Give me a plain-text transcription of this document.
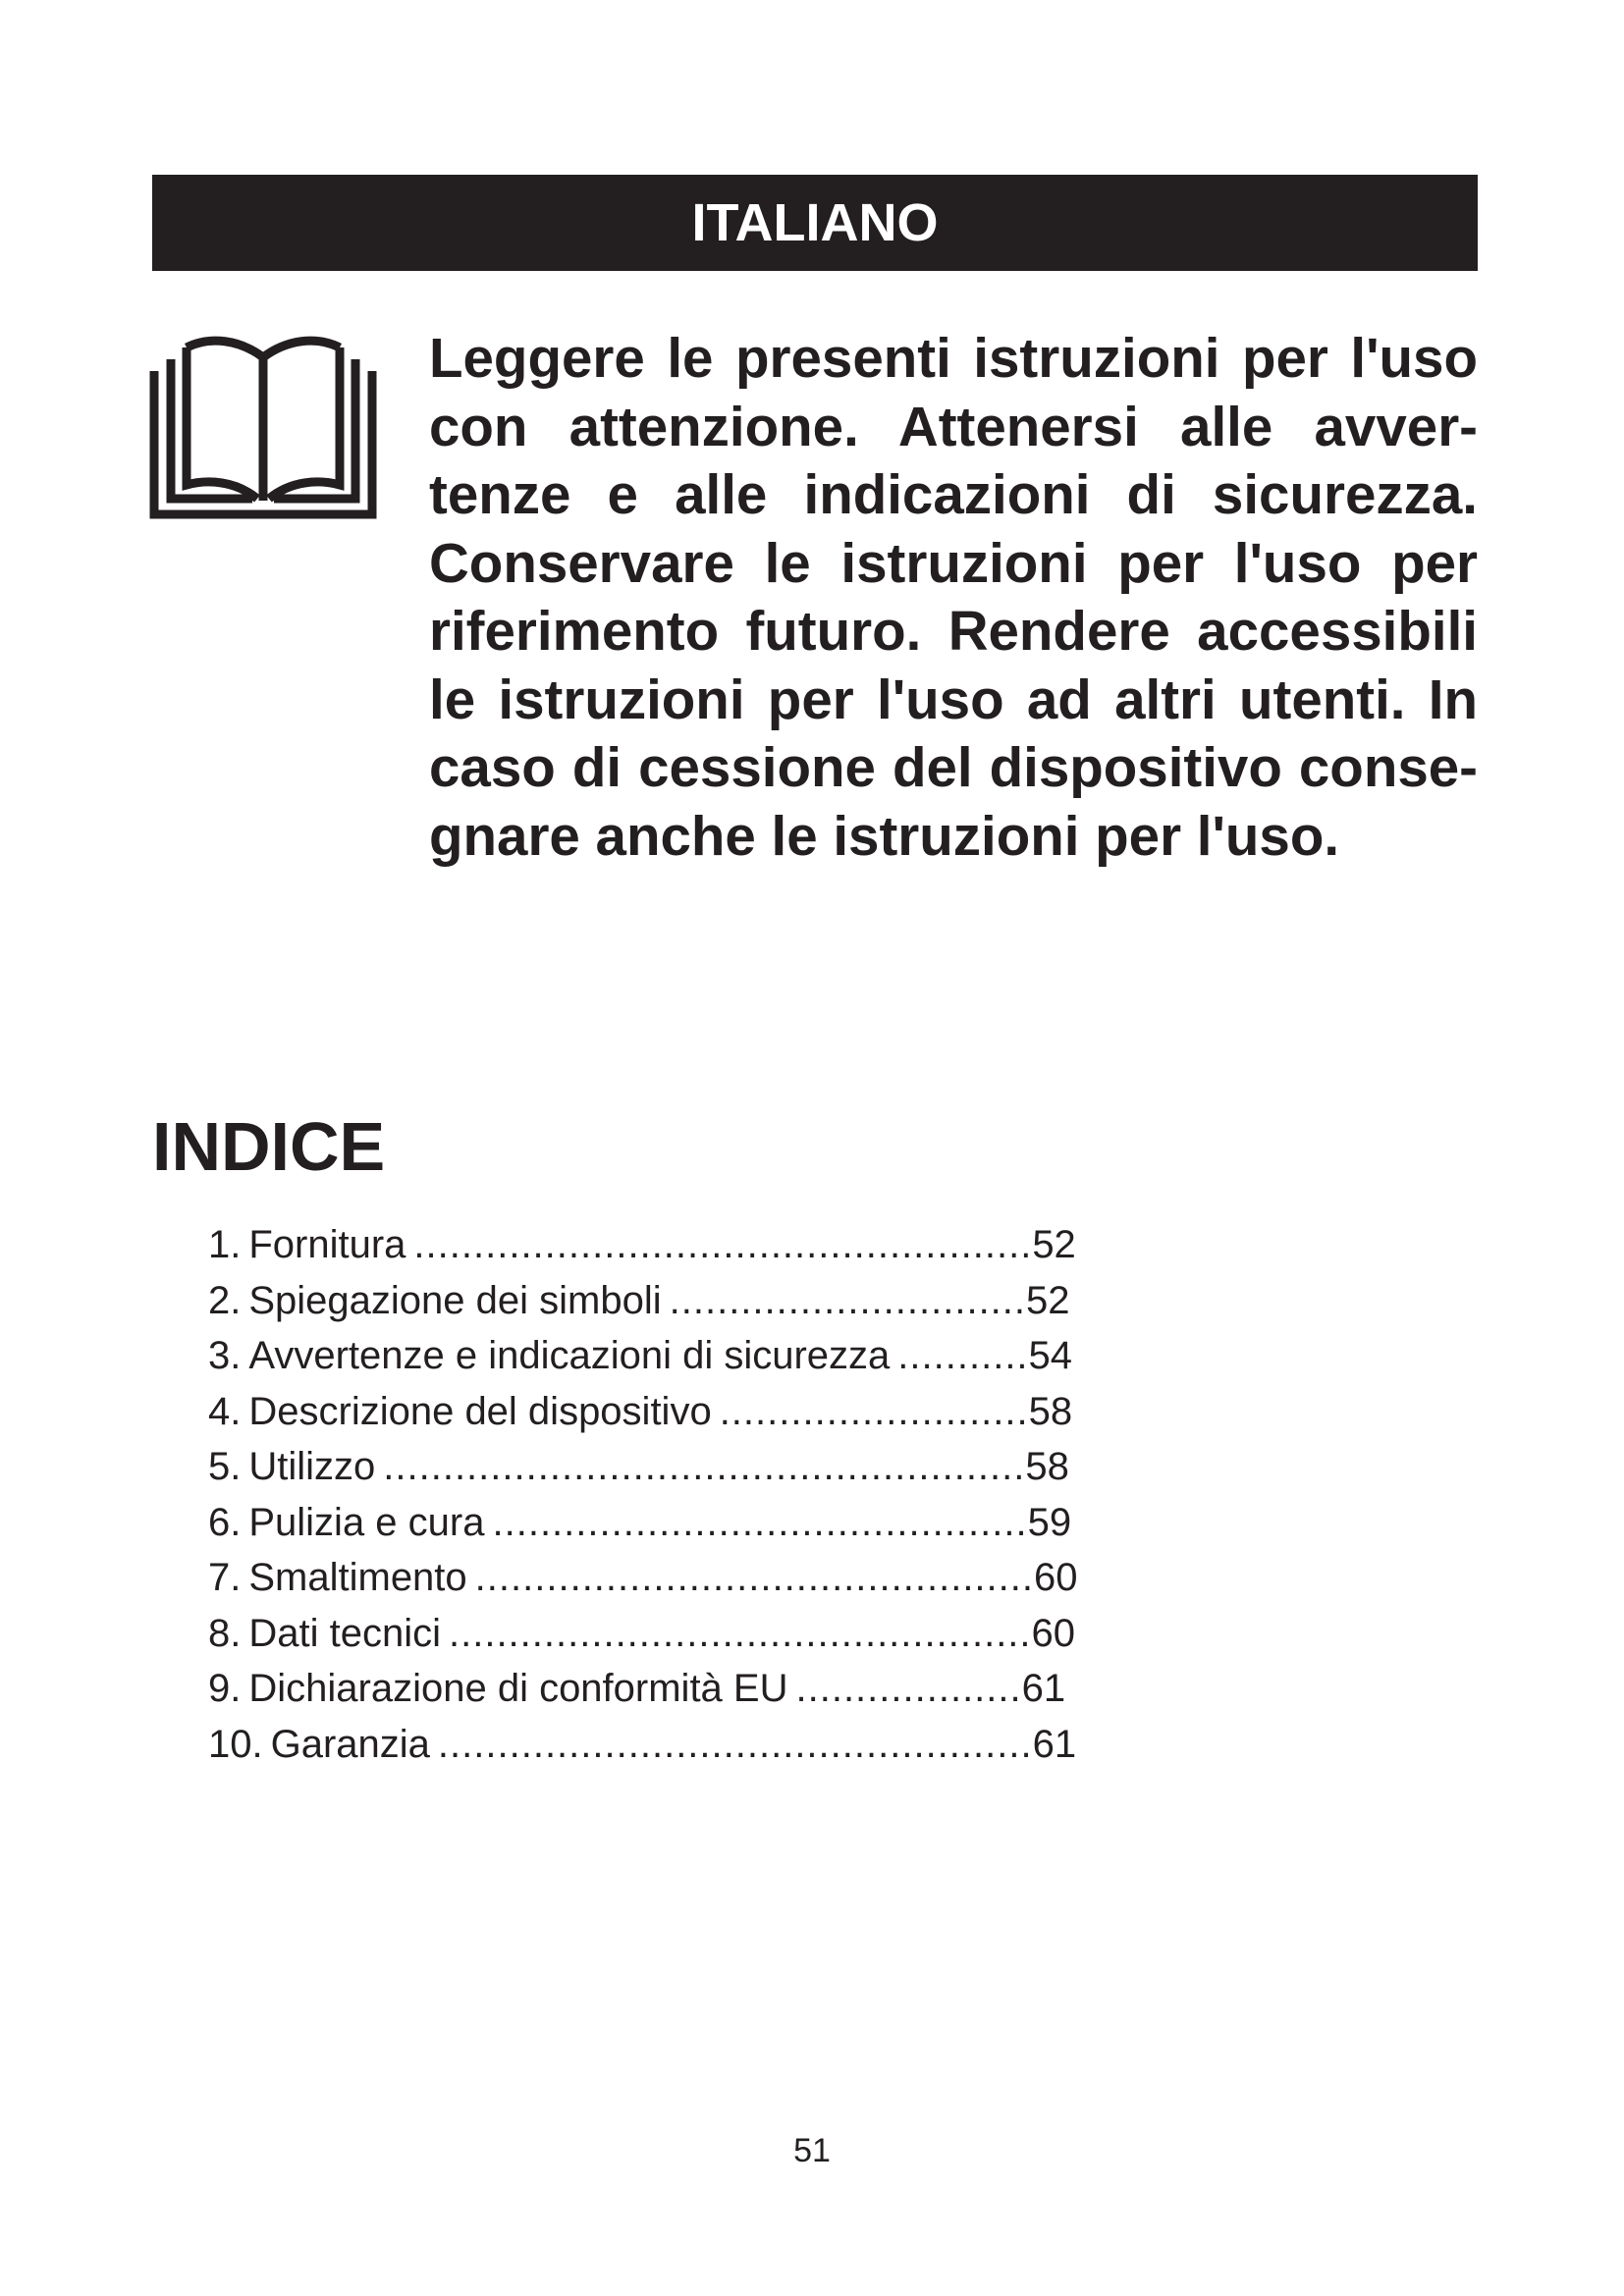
ITALIANO

Leggere le presenti istruzioni per l'uso con attenzione. Attenersi alle avver- tenze e alle indicazioni di sicurezza. Conservare le istruzioni per l'uso per riferimento futuro. Rendere accessibili le istruzioni per l'uso ad altri utenti. In caso di cessione del dispositivo conse- gnare anche le istruzioni per l'uso.

INDICE
1. Fornitura .................................................... 52
2. Spiegazione dei simboli .............................. 52
3. Avvertenze e indicazioni di sicurezza ........... 54
4. Descrizione del dispositivo .......................... 58
5. Utilizzo ...................................................... 58
6. Pulizia e cura ............................................. 59
7. Smaltimento ............................................... 60
8. Dati tecnici ................................................. 60
9. Dichiarazione di conformità EU ................... 61
10. Garanzia .................................................. 61
51
